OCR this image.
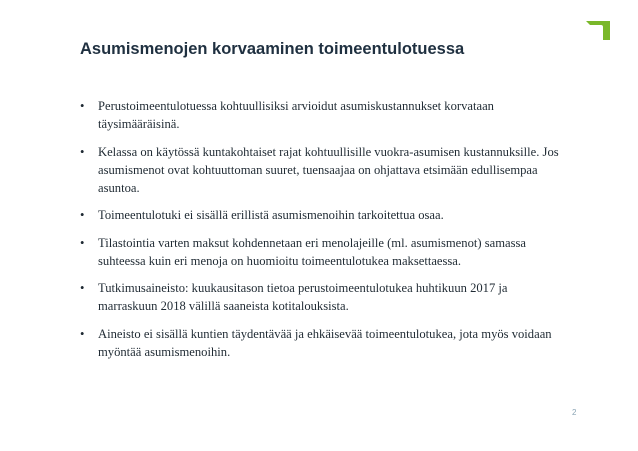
Asumismenojen korvaaminen toimeentulotuessa
• Perustoimeentulotuessa kohtuullisiksi arvioidut asumiskustannukset korvataan täysimääräisinä.
• Kelassa on käytössä kuntakohtaiset rajat kohtuullisille vuokra-asumisen kustannuksille. Jos asumismenot ovat kohtuuttoman suuret, tuensaajaa on ohjattava etsimään edullisempaa asuntoa.
• Toimeentulotuki ei sisällä erillistä asumismenoihin tarkoitettua osaa.
• Tilastointia varten maksut kohdennetaan eri menolajeille (ml. asumismenot) samassa suhteessa kuin eri menoja on huomioitu toimeentulotukea maksettaessa.
• Tutkimusaineisto: kuukausitason tietoa perustoimeentulotukea huhtikuun 2017 ja marraskuun 2018 välillä saaneista kotitalouksista.
• Aineisto ei sisällä kuntien täydentävää ja ehkäisevää toimeentulotukea, jota myös voidaan myöntää asumismenoihin.
2
